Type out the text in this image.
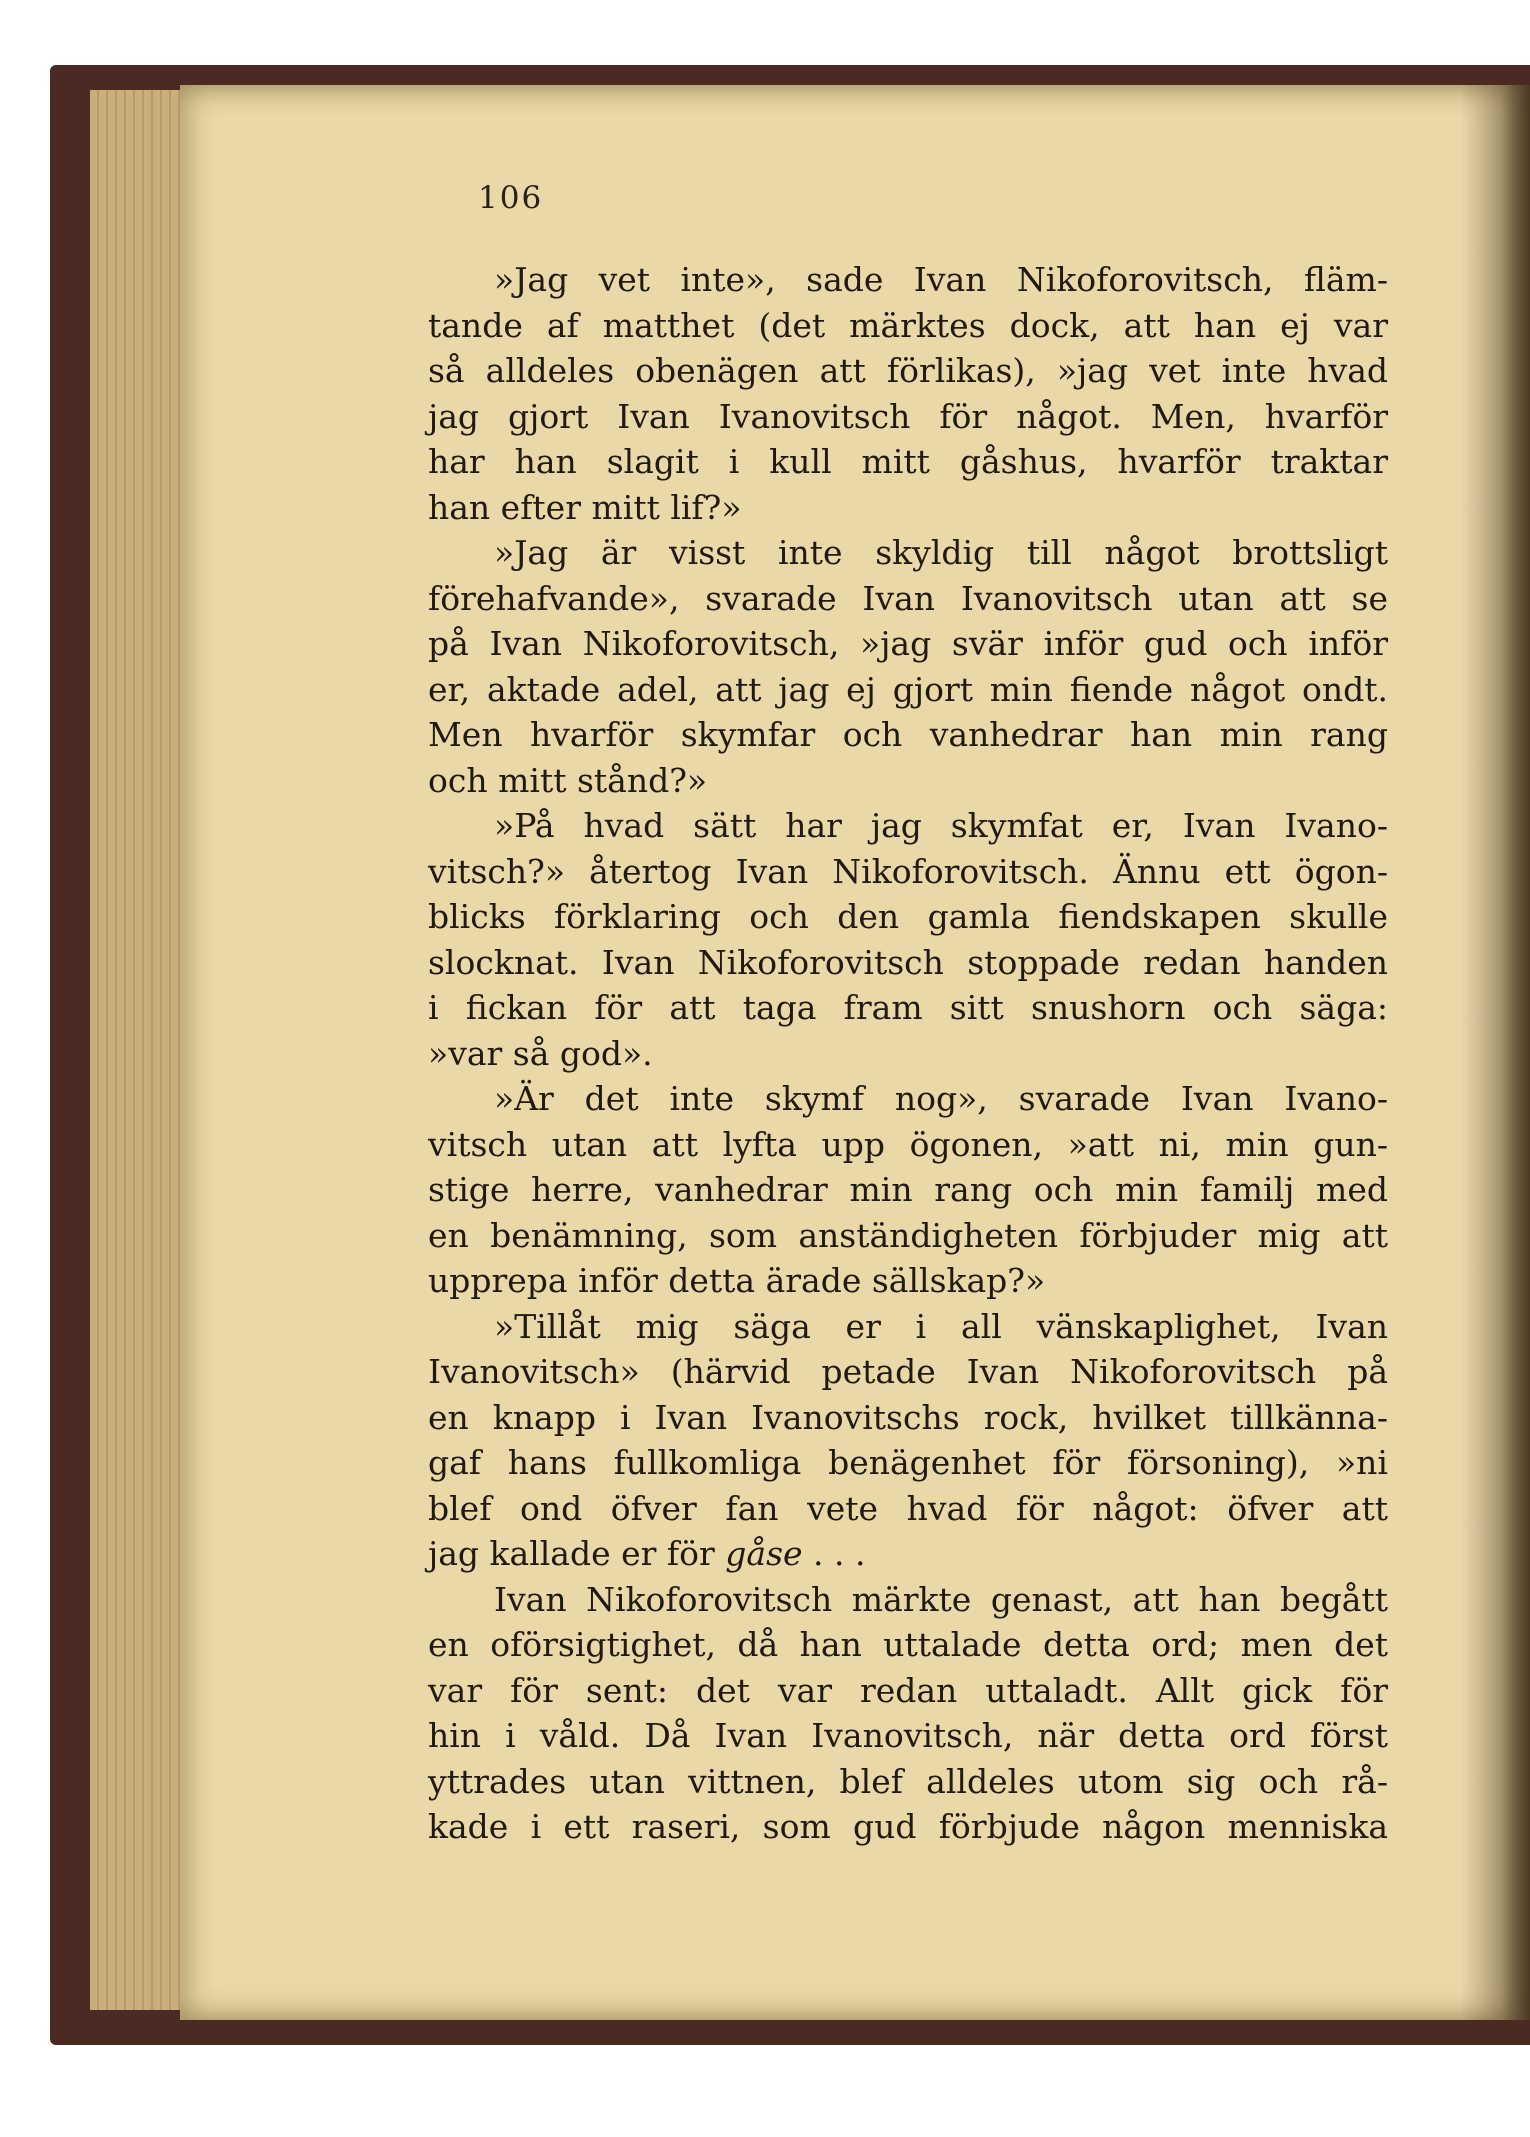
106
»Jag vet inte», sade Ivan Nikoforovitsch, fläm-
tande af matthet (det märktes dock, att han ej var
så alldeles obenägen att förlikas), »jag vet inte hvad
jag gjort Ivan Ivanovitsch för något. Men, hvarför
har han slagit i kull mitt gåshus, hvarför traktar
han efter mitt lif?»
»Jag är visst inte skyldig till något brottsligt
förehafvande», svarade Ivan Ivanovitsch utan att se
på Ivan Nikoforovitsch, »jag svär inför gud och inför
er, aktade adel, att jag ej gjort min fiende något ondt.
Men hvarför skymfar och vanhedrar han min rang
och mitt stånd?»
»På hvad sätt har jag skymfat er, Ivan Ivano-
vitsch?» återtog Ivan Nikoforovitsch. Ännu ett ögon-
blicks förklaring och den gamla fiendskapen skulle
slocknat. Ivan Nikoforovitsch stoppade redan handen
i fickan för att taga fram sitt snushorn och säga:
»var så god».
»Är det inte skymf nog», svarade Ivan Ivano-
vitsch utan att lyfta upp ögonen, »att ni, min gun-
stige herre, vanhedrar min rang och min familj med
en benämning, som anständigheten förbjuder mig att
upprepa inför detta ärade sällskap?»
»Tillåt mig säga er i all vänskaplighet, Ivan
Ivanovitsch» (härvid petade Ivan Nikoforovitsch på
en knapp i Ivan Ivanovitschs rock, hvilket tillkänna-
gaf hans fullkomliga benägenhet för försoning), »ni
blef ond öfver fan vete hvad för något: öfver att
jag kallade er för gåse . . .
Ivan Nikoforovitsch märkte genast, att han begått
en oförsigtighet, då han uttalade detta ord; men det
var för sent: det var redan uttaladt. Allt gick för
hin i våld. Då Ivan Ivanovitsch, när detta ord först
yttrades utan vittnen, blef alldeles utom sig och rå-
kade i ett raseri, som gud förbjude någon menniska
